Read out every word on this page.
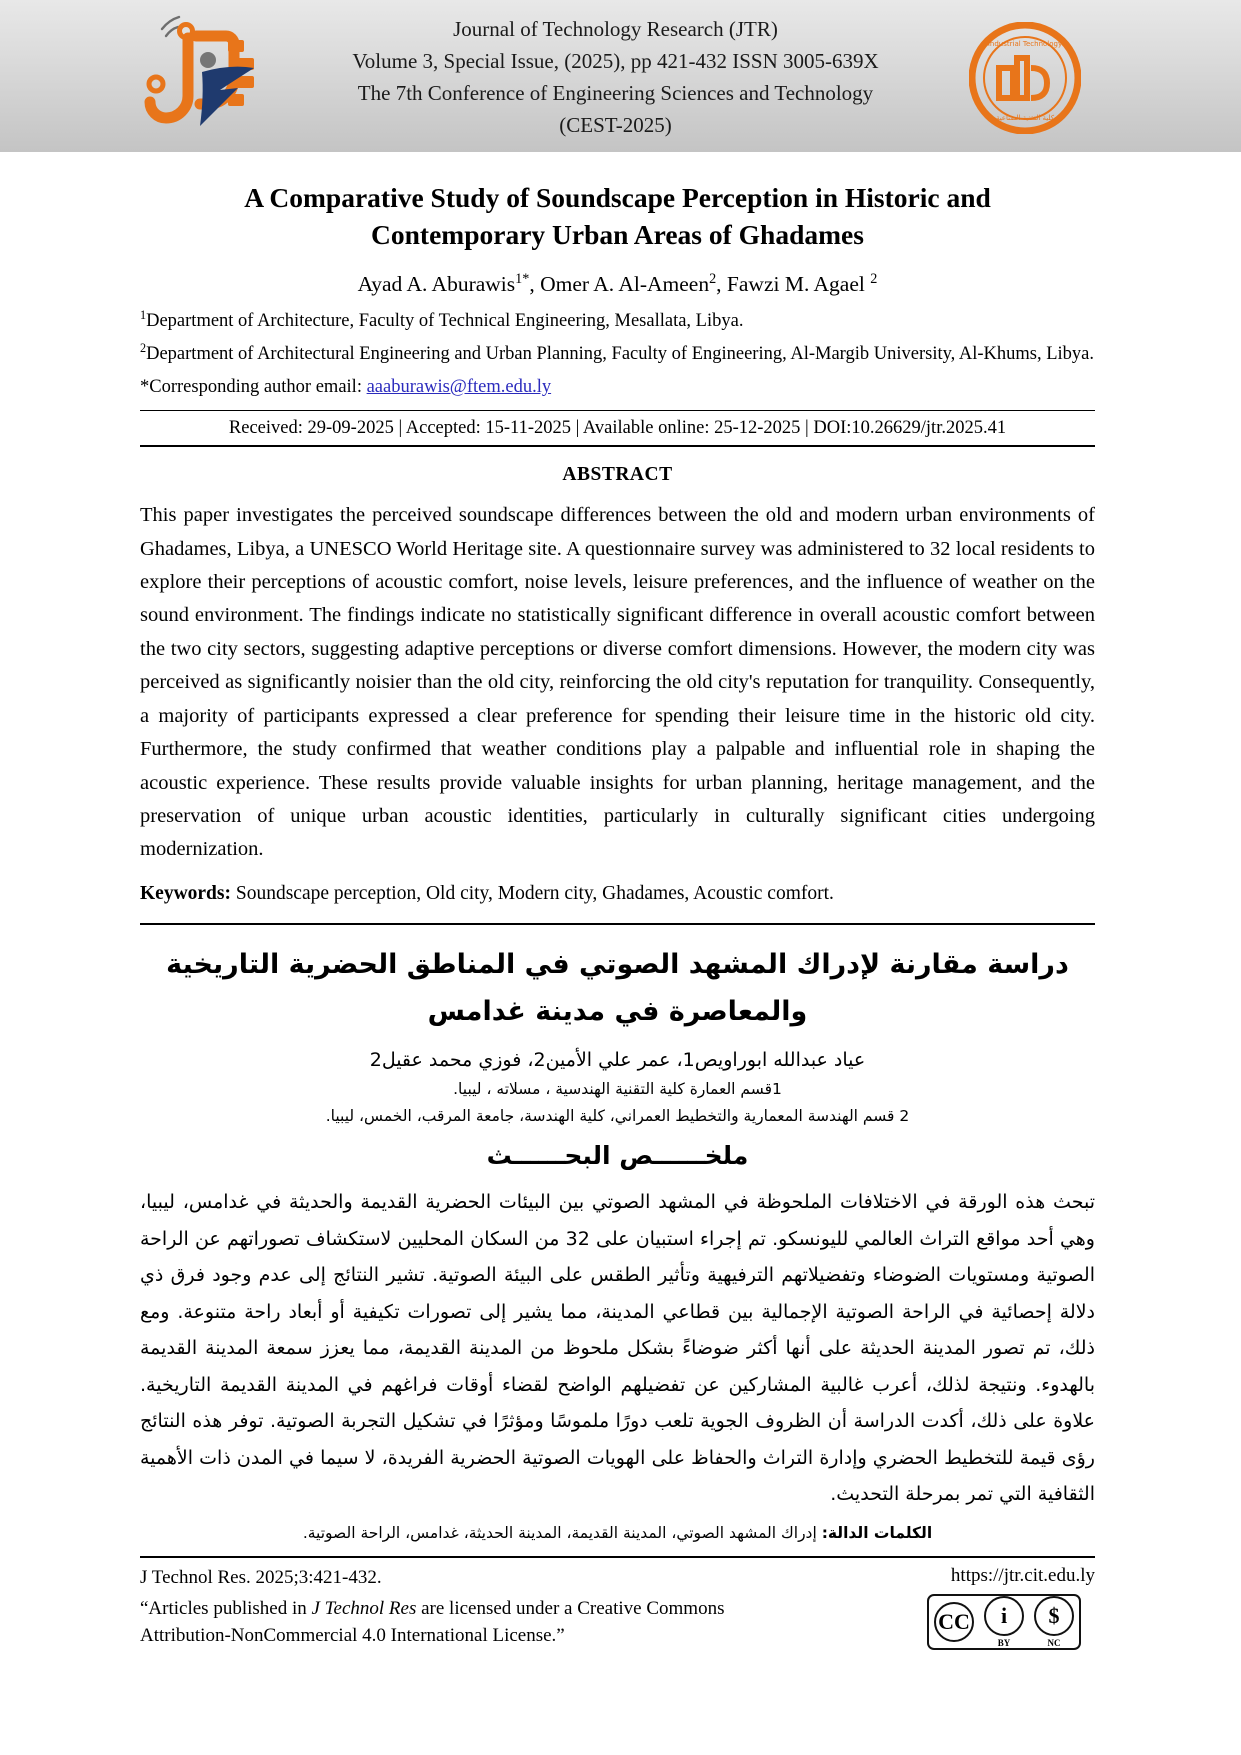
Journal of Technology Research (JTR)
Volume 3, Special Issue, (2025), pp 421-432 ISSN 3005-639X
The 7th Conference of Engineering Sciences and Technology
(CEST-2025)
Industrial Technology
كلية التقنية الصناعية
A Comparative Study of Soundscape Perception in Historic and Contemporary Urban Areas of Ghadames
Ayad A. Aburawis$^{1*}$, Omer A. Al-Ameen$^2$, Fawzi M. Agael $^2$
$^1$Department of Architecture, Faculty of Technical Engineering, Mesallata, Libya.
$^2$Department of Architectural Engineering and Urban Planning, Faculty of Engineering, Al-Margib University, Al-Khums, Libya.
*Corresponding author email: aaaburawis@ftem.edu.ly
Received: 29-09-2025 | Accepted: 15-11-2025 | Available online: 25-12-2025 | DOI:10.26629/jtr.2025.41
ABSTRACT
This paper investigates the perceived soundscape differences between the old and modern urban environments of Ghadames, Libya, a UNESCO World Heritage site. A questionnaire survey was administered to 32 local residents to explore their perceptions of acoustic comfort, noise levels, leisure preferences, and the influence of weather on the sound environment. The findings indicate no statistically significant difference in overall acoustic comfort between the two city sectors, suggesting adaptive perceptions or diverse comfort dimensions. However, the modern city was perceived as significantly noisier than the old city, reinforcing the old city's reputation for tranquility. Consequently, a majority of participants expressed a clear preference for spending their leisure time in the historic old city. Furthermore, the study confirmed that weather conditions play a palpable and influential role in shaping the acoustic experience. These results provide valuable insights for urban planning, heritage management, and the preservation of unique urban acoustic identities, particularly in culturally significant cities undergoing modernization.
Keywords: Soundscape perception, Old city, Modern city, Ghadames, Acoustic comfort.
دراسة مقارنة لإدراك المشهد الصوتي في المناطق الحضرية التاريخية
والمعاصرة في مدينة غدامس
عياد عبدالله ابوراويص1، عمر علي الأمين2، فوزي محمد عقيل2
1قسم العمارة كلية التقنية الهندسية ، مسلاته ، ليبيا.
2 قسم الهندسة المعمارية والتخطيط العمراني، كلية الهندسة، جامعة المرقب، الخمس، ليبيا.
ملخــــــص البحــــــث
تبحث هذه الورقة في الاختلافات الملحوظة في المشهد الصوتي بين البيئات الحضرية القديمة والحديثة في غدامس، ليبيا، وهي أحد مواقع التراث العالمي لليونسكو. تم إجراء استبيان على 32 من السكان المحليين لاستكشاف تصوراتهم عن الراحة الصوتية ومستويات الضوضاء وتفضيلاتهم الترفيهية وتأثير الطقس على البيئة الصوتية. تشير النتائج إلى عدم وجود فرق ذي دلالة إحصائية في الراحة الصوتية الإجمالية بين قطاعي المدينة، مما يشير إلى تصورات تكيفية أو أبعاد راحة متنوعة. ومع ذلك، تم تصور المدينة الحديثة على أنها أكثر ضوضاءً بشكل ملحوظ من المدينة القديمة، مما يعزز سمعة المدينة القديمة بالهدوء. ونتيجة لذلك، أعرب غالبية المشاركين عن تفضيلهم الواضح لقضاء أوقات فراغهم في المدينة القديمة التاريخية. علاوة على ذلك، أكدت الدراسة أن الظروف الجوية تلعب دورًا ملموسًا ومؤثرًا في تشكيل التجربة الصوتية. توفر هذه النتائج رؤى قيمة للتخطيط الحضري وإدارة التراث والحفاظ على الهويات الصوتية الحضرية الفريدة، لا سيما في المدن ذات الأهمية الثقافية التي تمر بمرحلة التحديث.
الكلمات الدالة: إدراك المشهد الصوتي، المدينة القديمة، المدينة الحديثة، غدامس، الراحة الصوتية.
J Technol Res. 2025;3:421-432.	https://jtr.cit.edu.ly
“Articles published in J Technol Res are licensed under a Creative Commons
Attribution-NonCommercial 4.0 International License.”
CC	i
BY
$
NC
